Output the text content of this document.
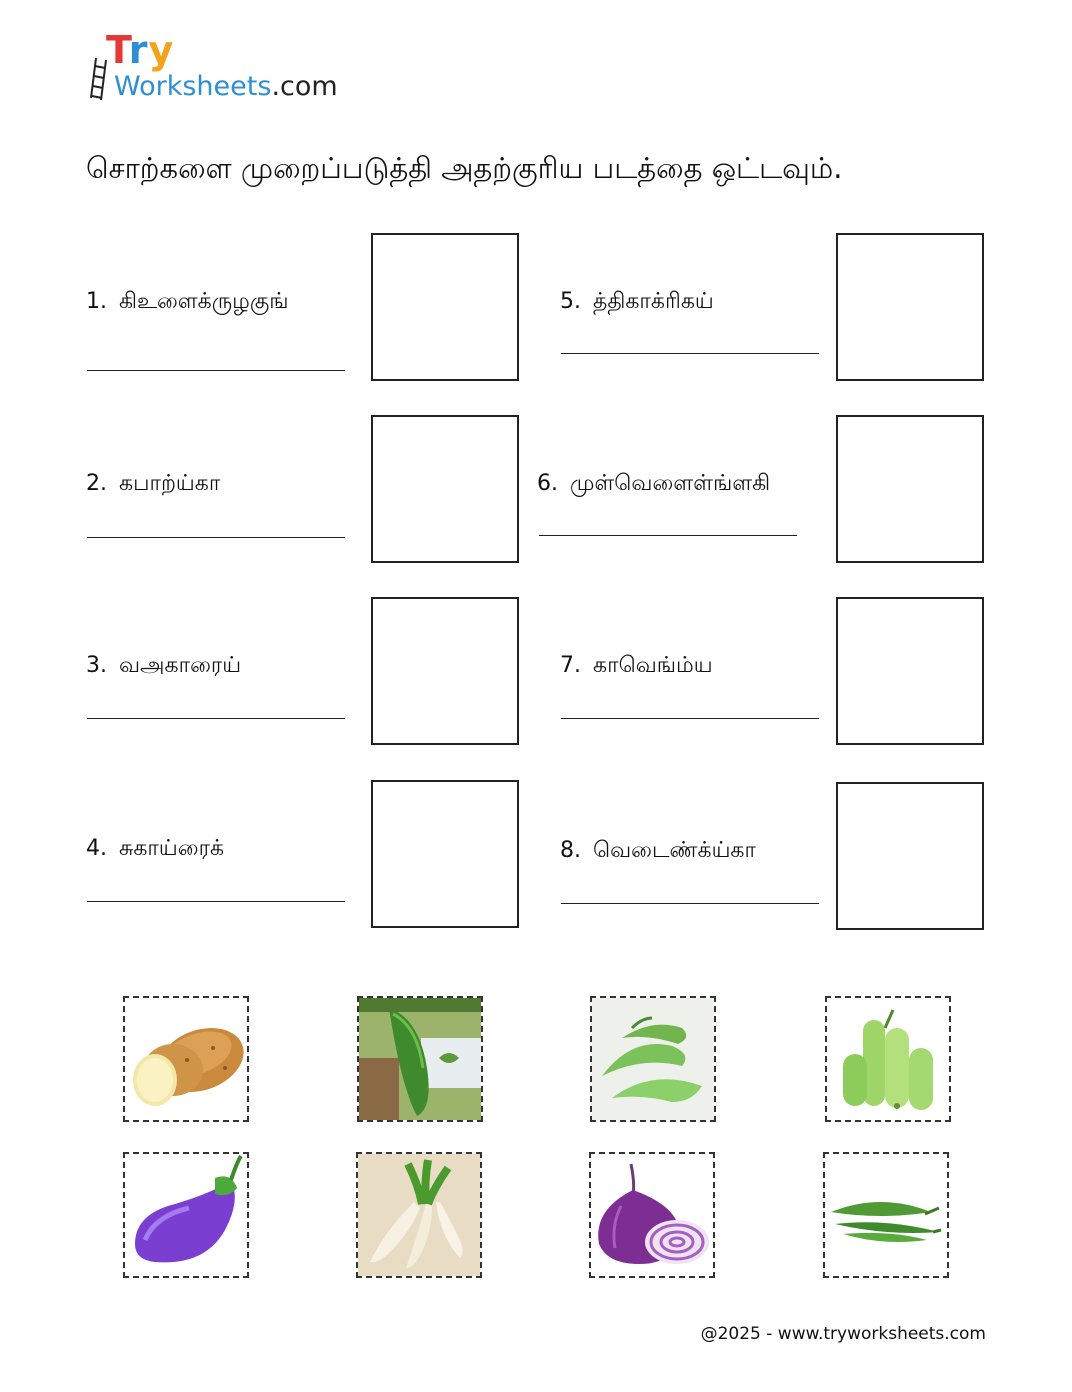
Try
Worksheets.com
சொற்களை முறைப்படுத்தி அதற்குரிய படத்தை ஒட்டவும்.
1. கிஉளைக்ருழகுங்
2. கபாற்ய்கா
3. வஅகாரைய்
4. சுகாய்ரைக்
5. த்திகாக்ரிகய்
6. முள்வெளைள்ங்ளகி
7. காவெங்ம்ய
8. வெடைண்க்ய்கா
@2025 - www.tryworksheets.com
